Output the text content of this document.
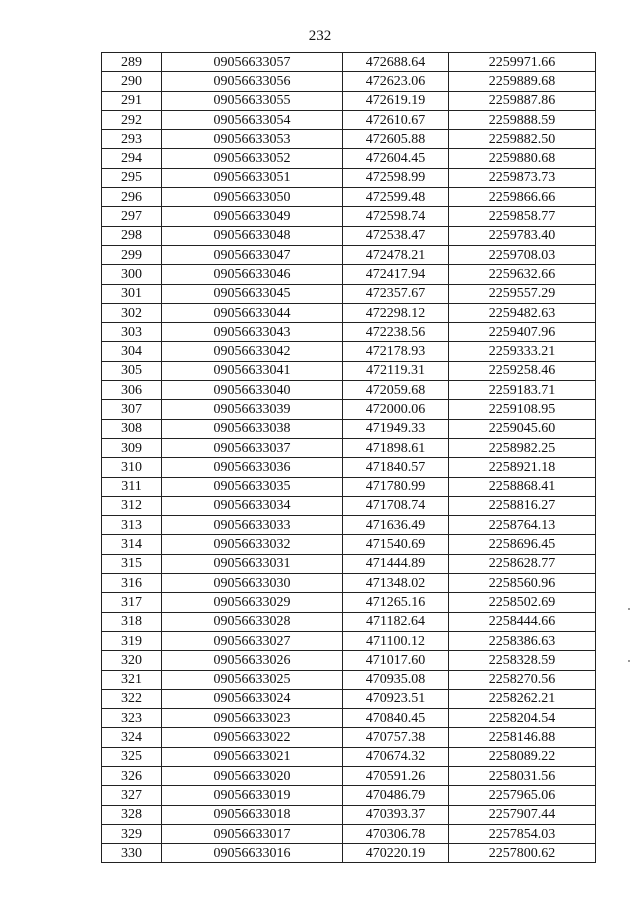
232
289	09056633057	472688.64	2259971.66
290	09056633056	472623.06	2259889.68
291	09056633055	472619.19	2259887.86
292	09056633054	472610.67	2259888.59
293	09056633053	472605.88	2259882.50
294	09056633052	472604.45	2259880.68
295	09056633051	472598.99	2259873.73
296	09056633050	472599.48	2259866.66
297	09056633049	472598.74	2259858.77
298	09056633048	472538.47	2259783.40
299	09056633047	472478.21	2259708.03
300	09056633046	472417.94	2259632.66
301	09056633045	472357.67	2259557.29
302	09056633044	472298.12	2259482.63
303	09056633043	472238.56	2259407.96
304	09056633042	472178.93	2259333.21
305	09056633041	472119.31	2259258.46
306	09056633040	472059.68	2259183.71
307	09056633039	472000.06	2259108.95
308	09056633038	471949.33	2259045.60
309	09056633037	471898.61	2258982.25
310	09056633036	471840.57	2258921.18
311	09056633035	471780.99	2258868.41
312	09056633034	471708.74	2258816.27
313	09056633033	471636.49	2258764.13
314	09056633032	471540.69	2258696.45
315	09056633031	471444.89	2258628.77
316	09056633030	471348.02	2258560.96
317	09056633029	471265.16	2258502.69
318	09056633028	471182.64	2258444.66
319	09056633027	471100.12	2258386.63
320	09056633026	471017.60	2258328.59
321	09056633025	470935.08	2258270.56
322	09056633024	470923.51	2258262.21
323	09056633023	470840.45	2258204.54
324	09056633022	470757.38	2258146.88
325	09056633021	470674.32	2258089.22
326	09056633020	470591.26	2258031.56
327	09056633019	470486.79	2257965.06
328	09056633018	470393.37	2257907.44
329	09056633017	470306.78	2257854.03
330	09056633016	470220.19	2257800.62
